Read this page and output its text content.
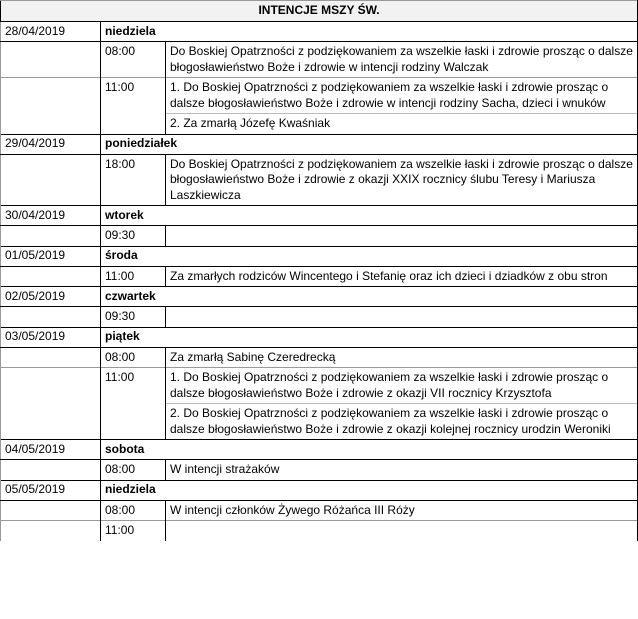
INTENCJE MSZY ŚW.		
28/04/2019	niedziela	
	08:00	Do Boskiej Opatrzności z podziękowaniem za wszelkie łaski i zdrowie prosząc o dalsze błogosławieństwo Boże i zdrowie w intencji rodziny Walczak

	11:00	1. Do Boskiej Opatrzności z podziękowaniem za wszelkie łaski i zdrowie prosząc o dalsze błogosławieństwo Boże i zdrowie w intencji rodziny Sacha, dzieci i wnuków
2. Za zmarłą Józefę Kwaśniak

29/04/2019	poniedziałek	
	18:00	Do Boskiej Opatrzności z podziękowaniem za wszelkie łaski i zdrowie prosząc o dalsze błogosławieństwo Boże i zdrowie z okazji XXIX rocznicy ślubu Teresy i Mariusza Laszkiewicza

30/04/2019	wtorek	
	09:30	

01/05/2019	środa	
	11:00	Za zmarłych rodziców Wincentego i Stefanię oraz ich dzieci i dziadków z obu stron

02/05/2019	czwartek	
	09:30	

03/05/2019	piątek	
	08:00	Za zmarłą Sabinę Czeredrecką

	11:00	1. Do Boskiej Opatrzności z podziękowaniem za wszelkie łaski i zdrowie prosząc o dalsze błogosławieństwo Boże i zdrowie z okazji VII rocznicy Krzysztofa
2. Do Boskiej Opatrzności z podziękowaniem za wszelkie łaski i zdrowie prosząc o dalsze błogosławieństwo Boże i zdrowie z okazji kolejnej rocznicy urodzin Weroniki

04/05/2019	sobota	
	08:00	W intencji strażaków

05/05/2019	niedziela	
	08:00	W intencji członków Żywego Różańca III Róży

	11:00	
